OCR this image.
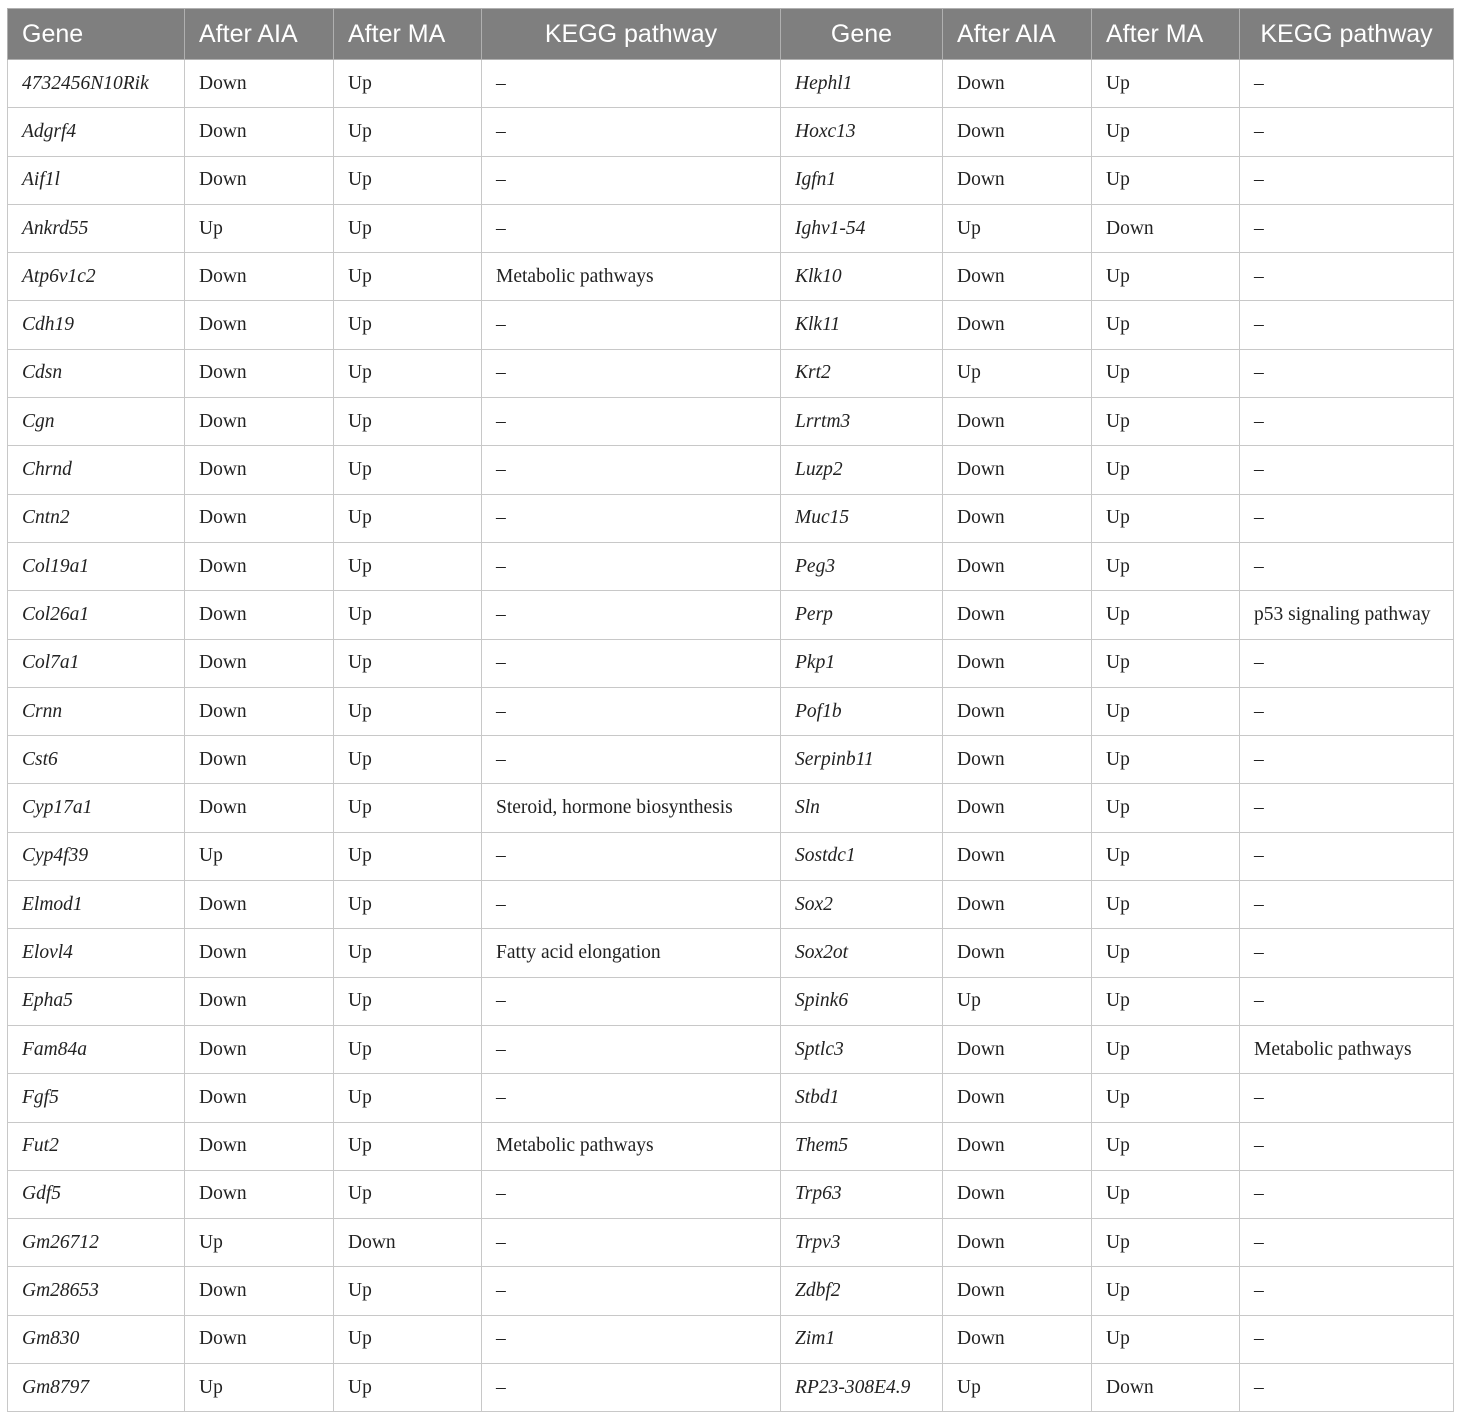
Gene	After AIA	After MA	KEGG pathway	Gene	After AIA	After MA	KEGG pathway
4732456N10Rik	Down	Up	–	Hephl1	Down	Up	–
Adgrf4	Down	Up	–	Hoxc13	Down	Up	–
Aif1l	Down	Up	–	Igfn1	Down	Up	–
Ankrd55	Up	Up	–	Ighv1-54	Up	Down	–
Atp6v1c2	Down	Up	Metabolic pathways	Klk10	Down	Up	–
Cdh19	Down	Up	–	Klk11	Down	Up	–
Cdsn	Down	Up	–	Krt2	Up	Up	–
Cgn	Down	Up	–	Lrrtm3	Down	Up	–
Chrnd	Down	Up	–	Luzp2	Down	Up	–
Cntn2	Down	Up	–	Muc15	Down	Up	–
Col19a1	Down	Up	–	Peg3	Down	Up	–
Col26a1	Down	Up	–	Perp	Down	Up	p53 signaling pathway
Col7a1	Down	Up	–	Pkp1	Down	Up	–
Crnn	Down	Up	–	Pof1b	Down	Up	–
Cst6	Down	Up	–	Serpinb11	Down	Up	–
Cyp17a1	Down	Up	Steroid, hormone biosynthesis	Sln	Down	Up	–
Cyp4f39	Up	Up	–	Sostdc1	Down	Up	–
Elmod1	Down	Up	–	Sox2	Down	Up	–
Elovl4	Down	Up	Fatty acid elongation	Sox2ot	Down	Up	–
Epha5	Down	Up	–	Spink6	Up	Up	–
Fam84a	Down	Up	–	Sptlc3	Down	Up	Metabolic pathways
Fgf5	Down	Up	–	Stbd1	Down	Up	–
Fut2	Down	Up	Metabolic pathways	Them5	Down	Up	–
Gdf5	Down	Up	–	Trp63	Down	Up	–
Gm26712	Up	Down	–	Trpv3	Down	Up	–
Gm28653	Down	Up	–	Zdbf2	Down	Up	–
Gm830	Down	Up	–	Zim1	Down	Up	–
Gm8797	Up	Up	–	RP23-308E4.9	Up	Down	–
